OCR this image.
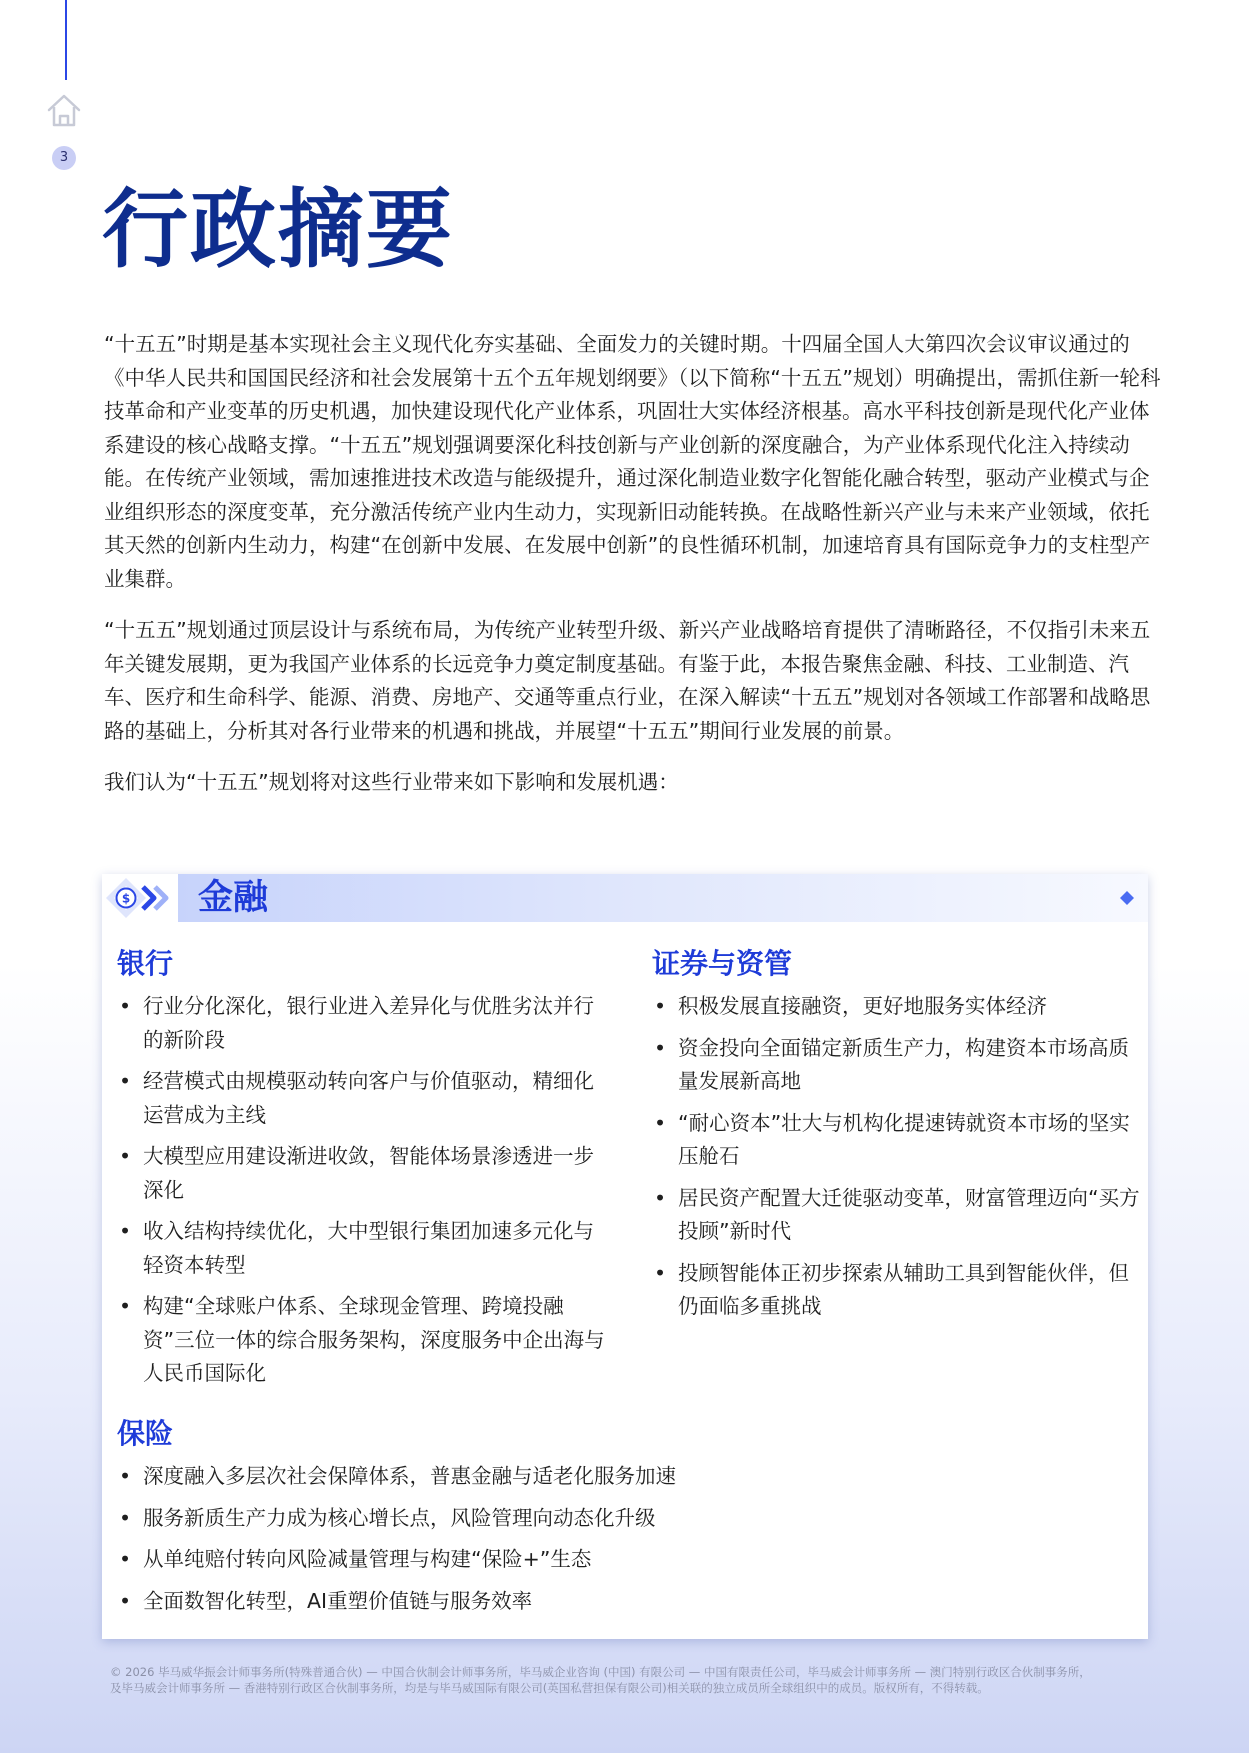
3
行政摘要

“十五五”时期是基本实现社会主义现代化夯实基础、全面发力的关键时期。十四届全国人大第四次会议审议通过的《中华人民共和国国民经济和社会发展第十五个五年规划纲要》（以下简称“十五五”规划）明确提出，需抓住新一轮科技革命和产业变革的历史机遇，加快建设现代化产业体系，巩固壮大实体经济根基。高水平科技创新是现代化产业体系建设的核心战略支撑。“十五五”规划强调要深化科技创新与产业创新的深度融合，为产业体系现代化注入持续动能。在传统产业领域，需加速推进技术改造与能级提升，通过深化制造业数字化智能化融合转型，驱动产业模式与企业组织形态的深度变革，充分激活传统产业内生动力，实现新旧动能转换。在战略性新兴产业与未来产业领域，依托其天然的创新内生动力，构建“在创新中发展、在发展中创新”的良性循环机制，加速培育具有国际竞争力的支柱型产业集群。

“十五五”规划通过顶层设计与系统布局，为传统产业转型升级、新兴产业战略培育提供了清晰路径，不仅指引未来五年关键发展期，更为我国产业体系的长远竞争力奠定制度基础。有鉴于此，本报告聚焦金融、科技、工业制造、汽车、医疗和生命科学、能源、消费、房地产、交通等重点行业，在深入解读“十五五”规划对各领域工作部署和战略思路的基础上，分析其对各行业带来的机遇和挑战，并展望“十五五”期间行业发展的前景。

我们认为“十五五”规划将对这些行业带来如下影响和发展机遇：

金融
$
银行
• 行业分化深化，银行业进入差异化与优胜劣汰并行的新阶段
• 经营模式由规模驱动转向客户与价值驱动，精细化运营成为主线
• 大模型应用建设渐进收敛，智能体场景渗透进一步深化
• 收入结构持续优化，大中型银行集团加速多元化与轻资本转型
• 构建“全球账户体系、全球现金管理、跨境投融资”三位一体的综合服务架构，深度服务中企出海与人民币国际化
证券与资管
• 积极发展直接融资，更好地服务实体经济
• 资金投向全面锚定新质生产力，构建资本市场高质量发展新高地
• “耐心资本”壮大与机构化提速铸就资本市场的坚实压舱石
• 居民资产配置大迁徙驱动变革，财富管理迈向“买方投顾”新时代
• 投顾智能体正初步探索从辅助工具到智能伙伴，但仍面临多重挑战
保险
• 深度融入多层次社会保障体系，普惠金融与适老化服务加速
• 服务新质生产力成为核心增长点，风险管理向动态化升级
• 从单纯赔付转向风险减量管理与构建“保险+”生态
• 全面数智化转型，AI重塑价值链与服务效率
© 2026 毕马威华振会计师事务所(特殊普通合伙) — 中国合伙制会计师事务所，毕马威企业咨询 (中国) 有限公司 — 中国有限责任公司，毕马威会计师事务所 — 澳门特别行政区合伙制事务所，
及毕马威会计师事务所 — 香港特别行政区合伙制事务所，均是与毕马威国际有限公司(英国私营担保有限公司)相关联的独立成员所全球组织中的成员。版权所有，不得转载。
